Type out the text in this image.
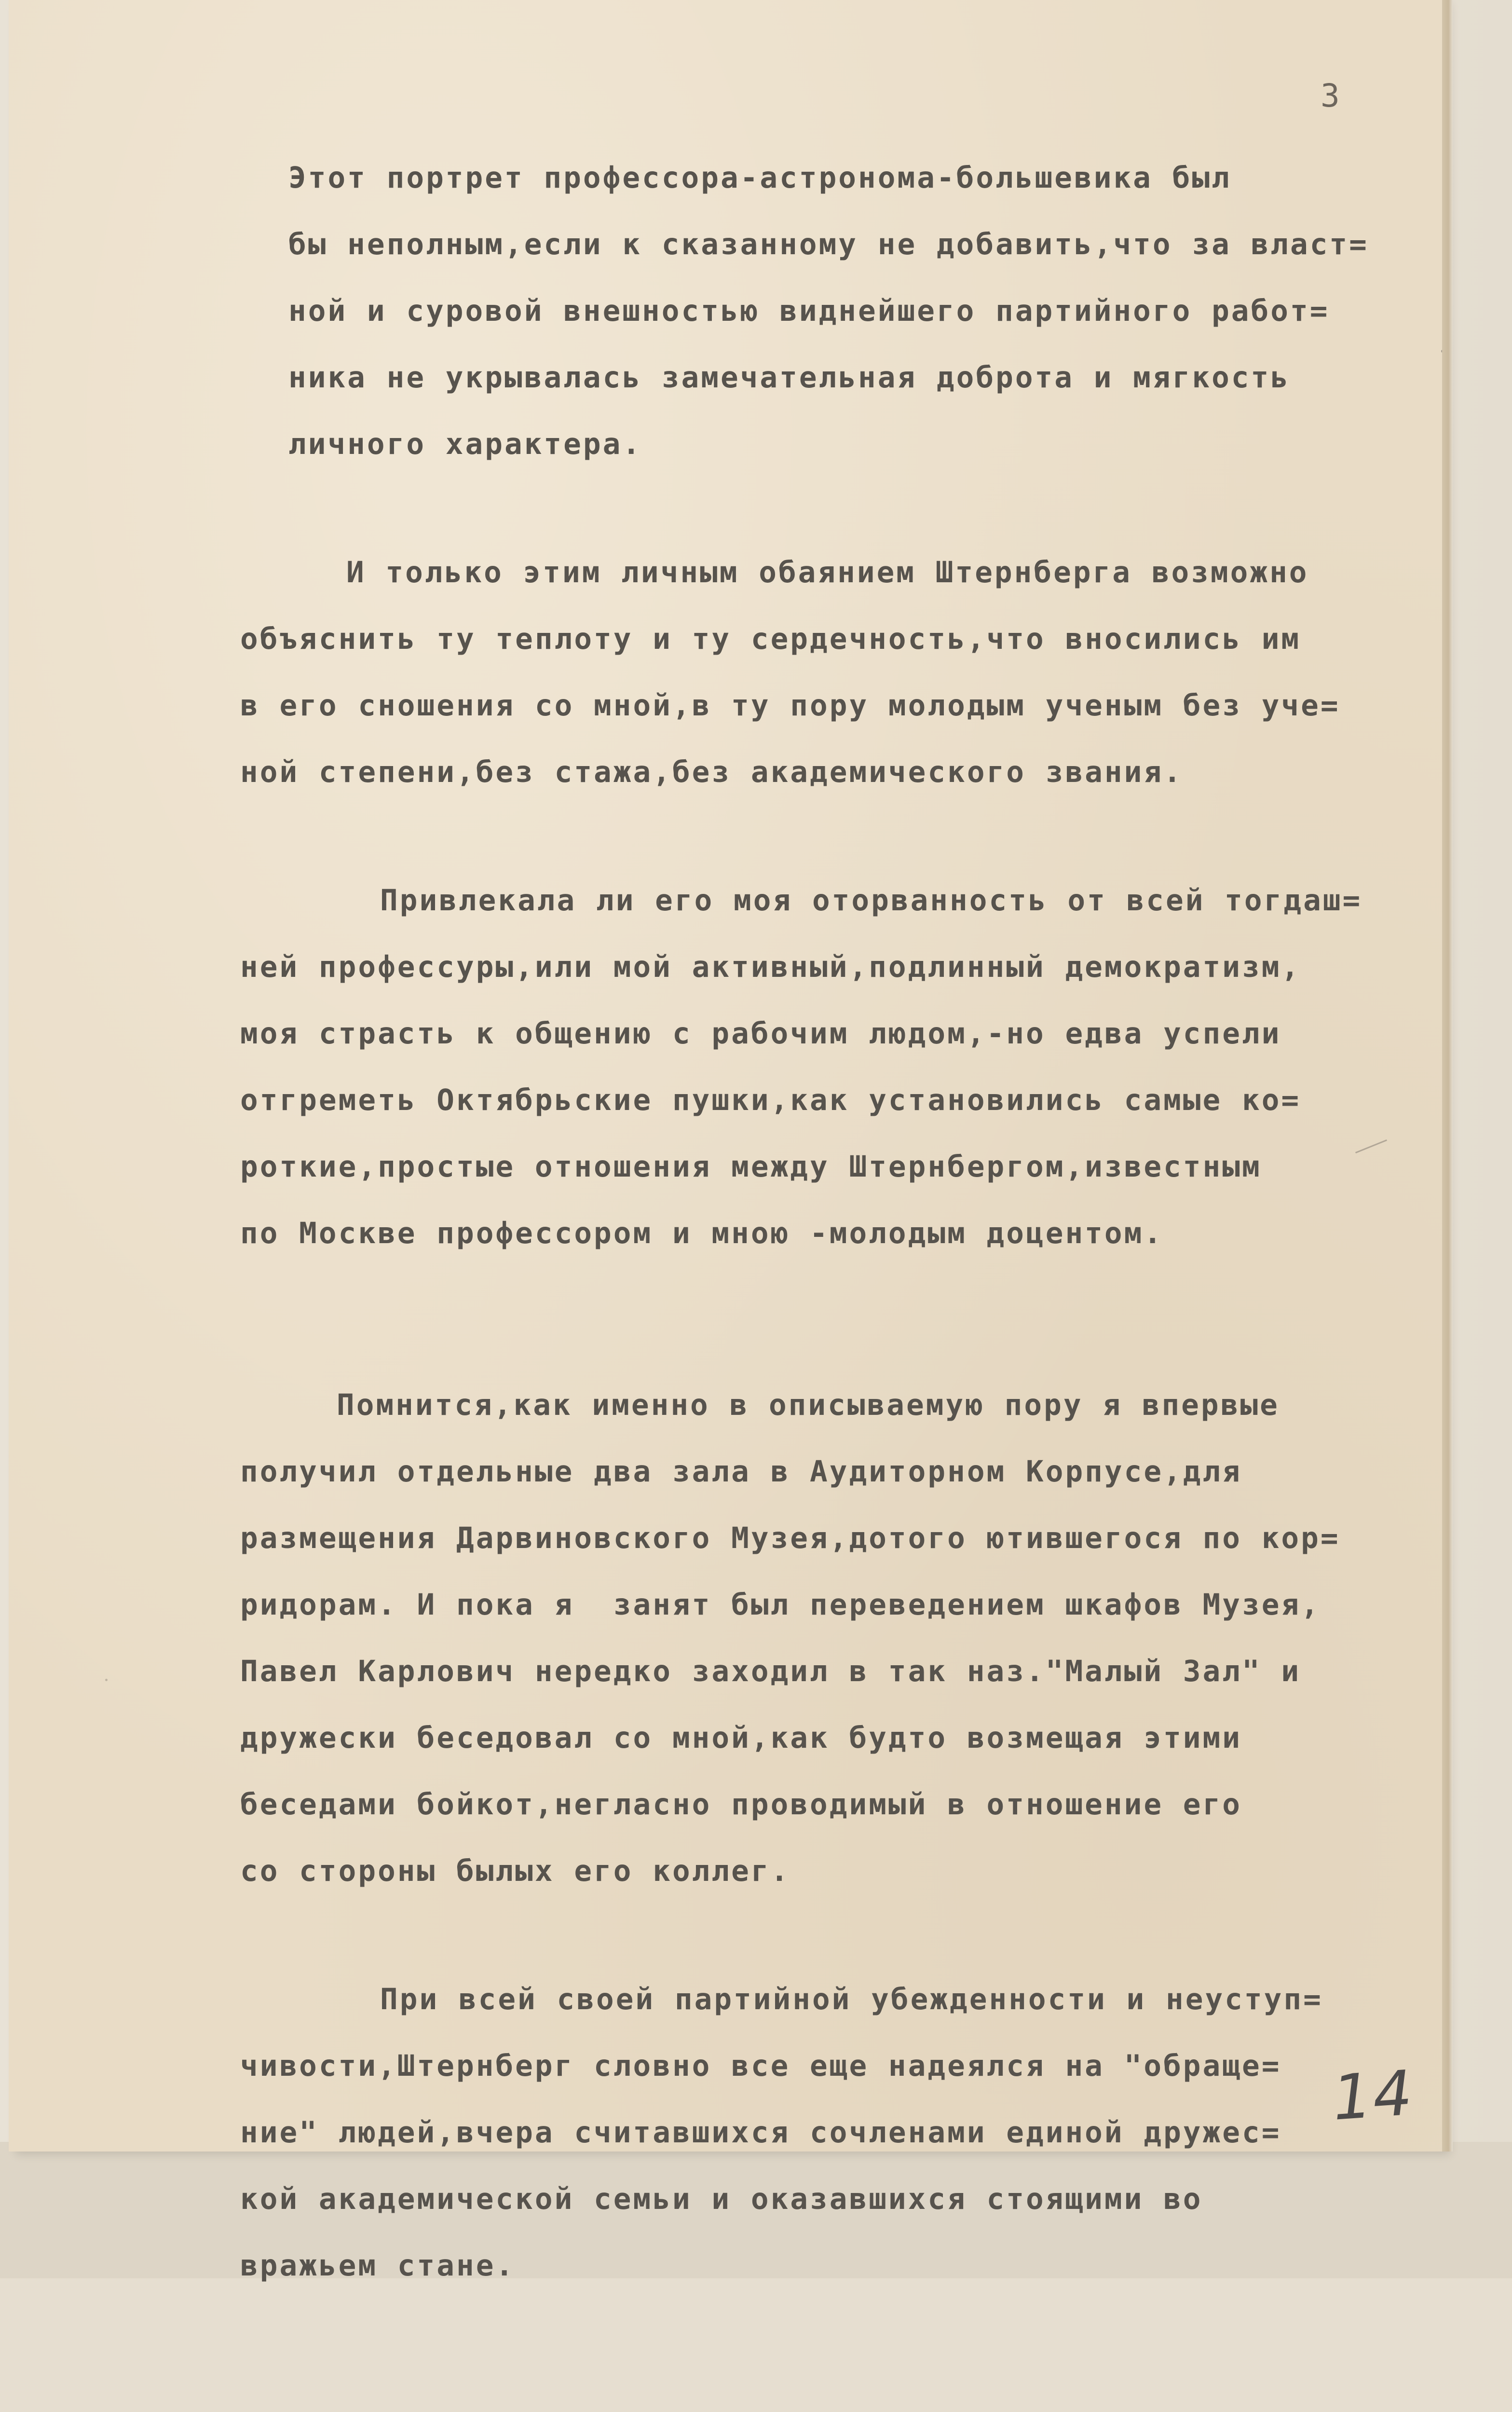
3
Этот портрет профессора-астронома-большевика был
бы неполным,если к сказанному не добавить,что за власт=
ной и суровой внешностью виднейшего партийного работ=
ника не укрывалась замечательная доброта и мягкость
личного характера.
И только этим личным обаянием Штернберга возможно
объяснить ту теплоту и ту сердечность,что вносились им
в его сношения со мной,в ту пору молодым ученым без уче=
ной степени,без стажа,без академического звания.
Привлекала ли его моя оторванность от всей тогдаш=
ней профессуры,или мой активный,подлинный демократизм,
моя страсть к общению с рабочим людом,-но едва успели
отгреметь Октябрьские пушки,как установились самые ко=
роткие,простые отношения между Штернбергом,известным
по Москве профессором и мною -молодым доцентом.
Помнится,как именно в описываемую пору я впервые
получил отдельные два зала в Аудиторном Корпусе,для
размещения Дарвиновского Музея,дотого ютившегося по кор=
ридорам. И пока я  занят был переведением шкафов Музея,
Павел Карлович нередко заходил в так наз."Малый Зал" и
дружески беседовал со мной,как будто возмещая этими
беседами бойкот,негласно проводимый в отношение его
со стороны былых его коллег.
При всей своей партийной убежденности и неуступ=
чивости,Штернберг словно все еще надеялся на "обраще=
ние" людей,вчера считавшихся сочленами единой дружес=
кой академической семьи и оказавшихся стоящими во
вражьем стане.
14
